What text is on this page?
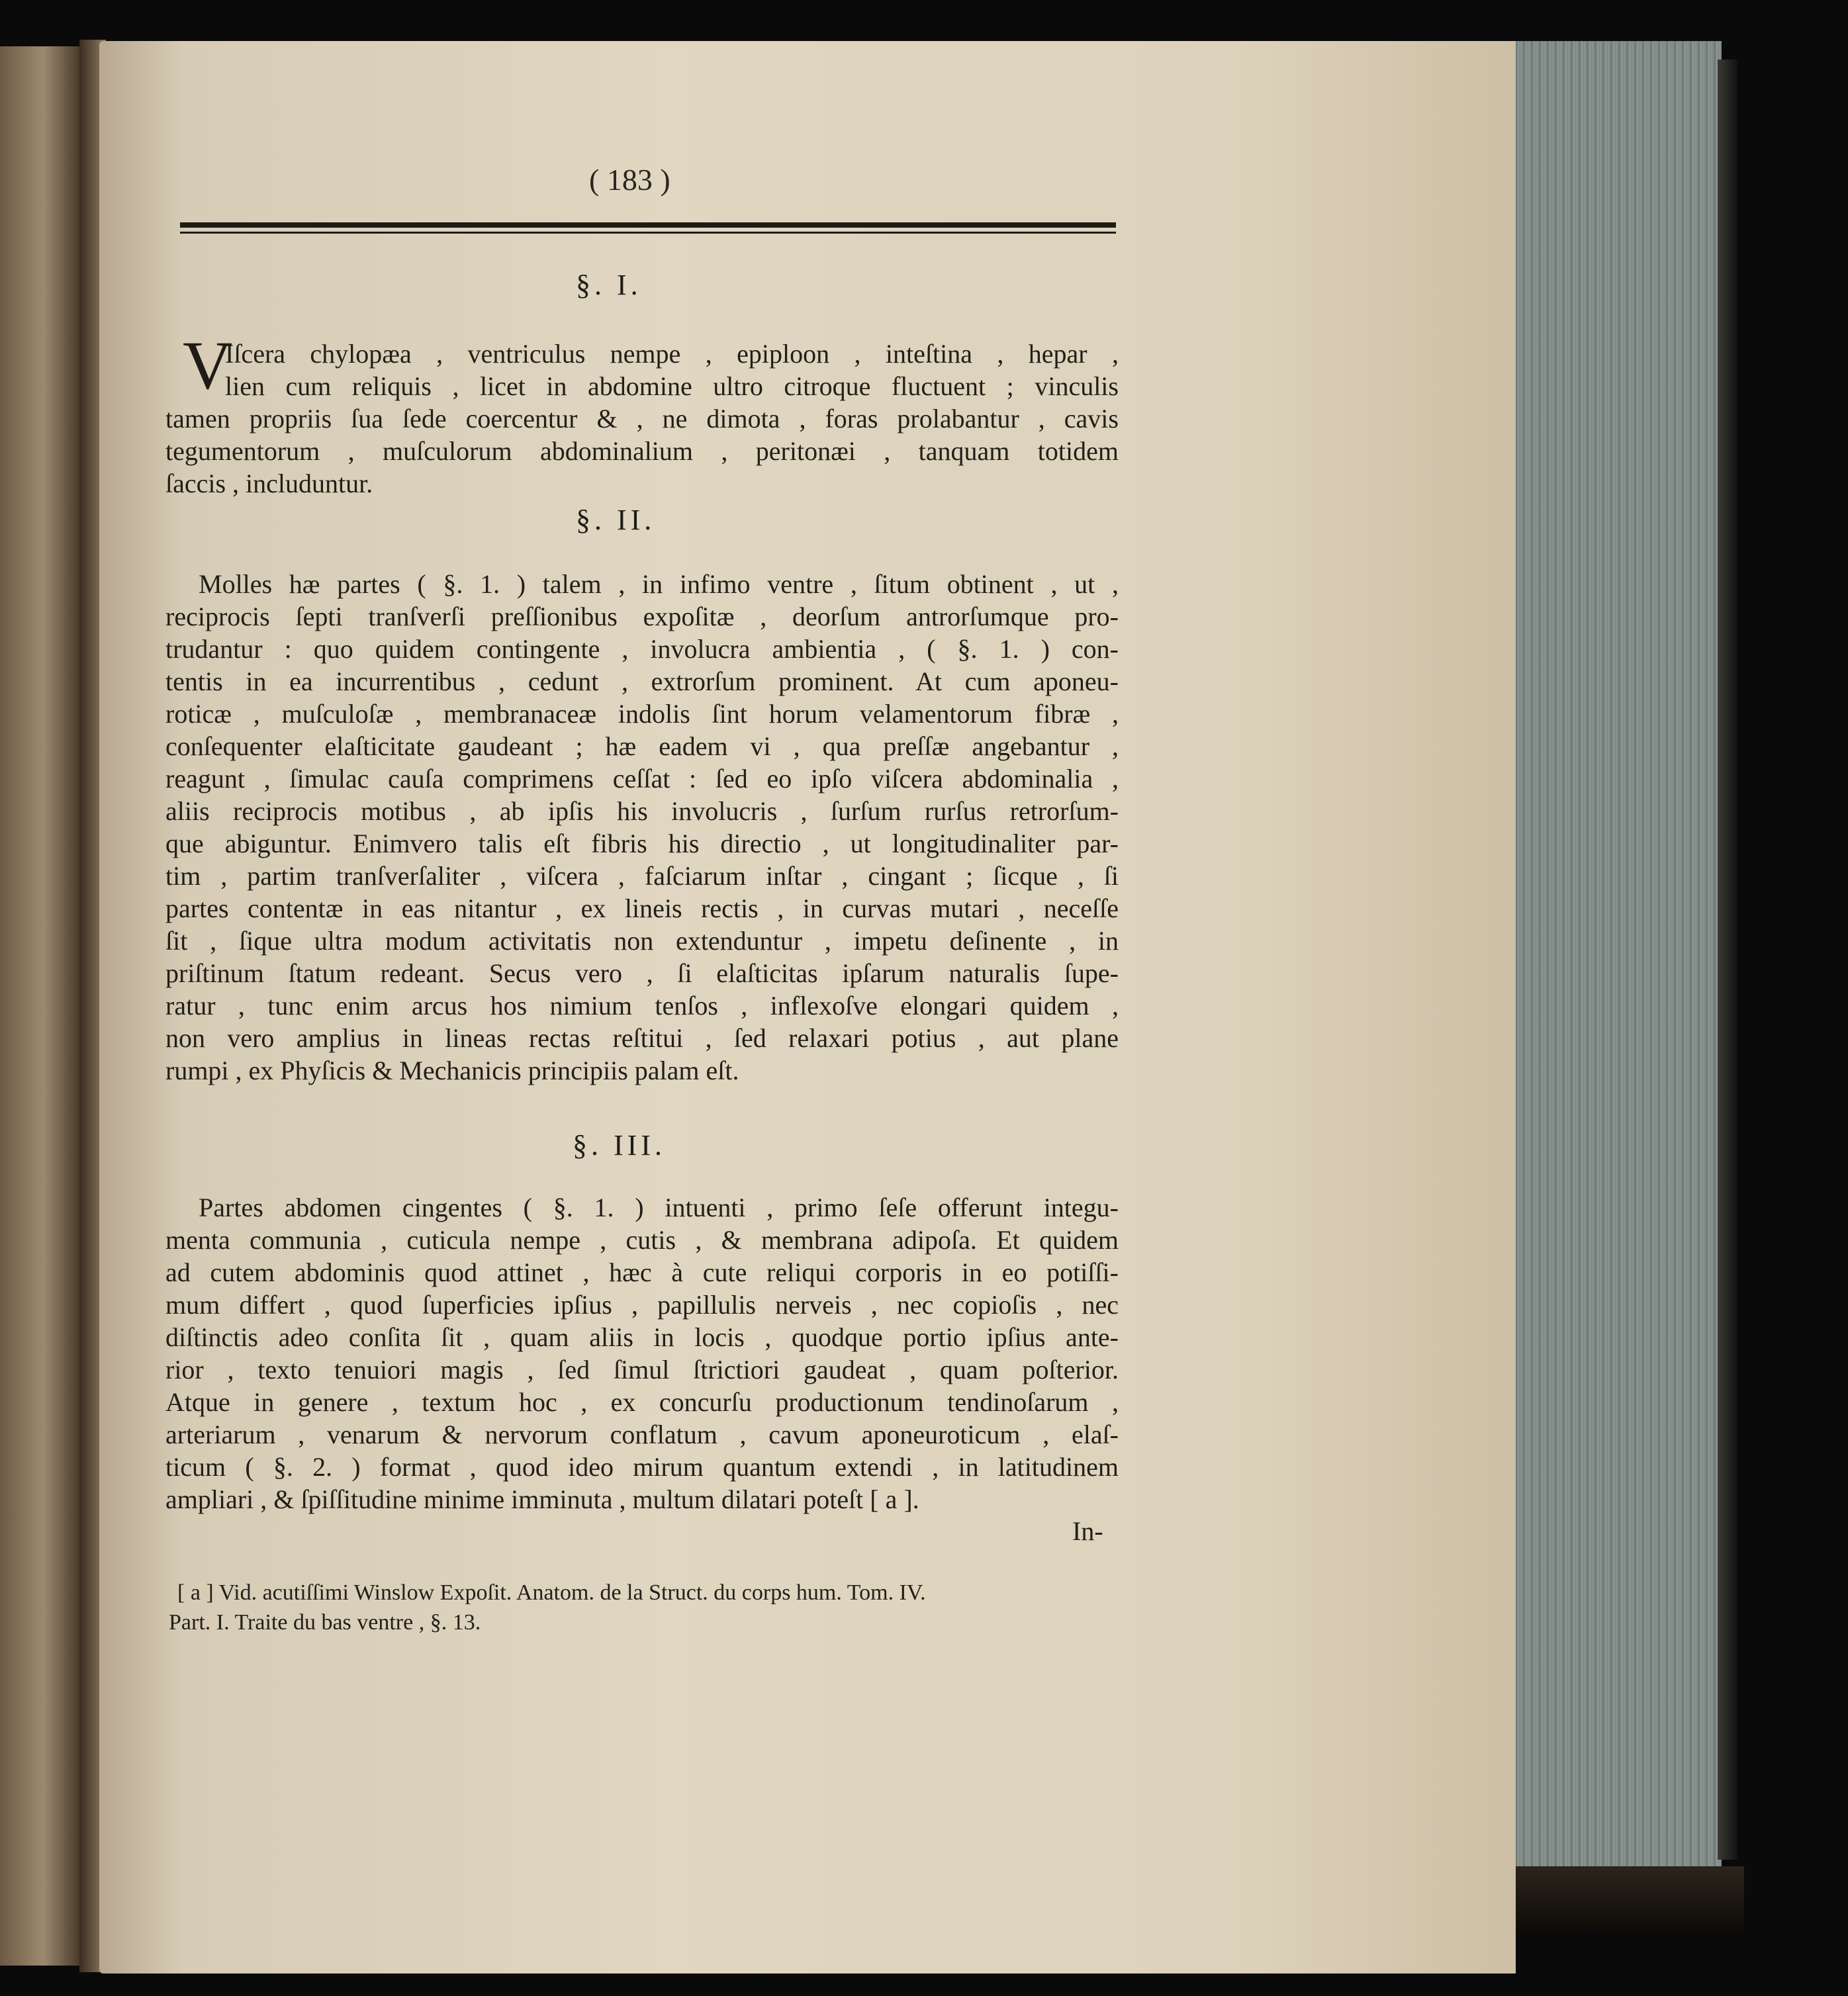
( 183 )
§. I.
V
Iſcera chylopæa , ventriculus nempe , epiploon , inteſtina , hepar ,
lien cum reliquis , licet in abdomine ultro citroque fluctuent ; vinculis
tamen propriis ſua ſede coercentur & , ne dimota , foras prolabantur , cavis
tegumentorum , muſculorum abdominalium , peritonæi , tanquam totidem
ſaccis , includuntur.
§. II.
Molles hæ partes ( §. 1. ) talem , in infimo ventre , ſitum obtinent , ut ,
reciprocis ſepti tranſverſi preſſionibus expoſitæ , deorſum antrorſumque pro-
trudantur : quo quidem contingente , involucra ambientia , ( §. 1. ) con-
tentis in ea incurrentibus , cedunt , extrorſum prominent. At cum aponeu-
roticæ , muſculoſæ , membranaceæ indolis ſint horum velamentorum fibræ ,
conſequenter elaſticitate gaudeant ; hæ eadem vi , qua preſſæ angebantur ,
reagunt , ſimulac cauſa comprimens ceſſat : ſed eo ipſo viſcera abdominalia ,
aliis reciprocis motibus , ab ipſis his involucris , ſurſum rurſus retrorſum-
que abiguntur. Enimvero talis eſt fibris his directio , ut longitudinaliter par-
tim , partim tranſverſaliter , viſcera , faſciarum inſtar , cingant ; ſicque , ſi
partes contentæ in eas nitantur , ex lineis rectis , in curvas mutari , neceſſe
ſit , ſique ultra modum activitatis non extenduntur , impetu deſinente , in
priſtinum ſtatum redeant. Secus vero , ſi elaſticitas ipſarum naturalis ſupe-
ratur , tunc enim arcus hos nimium tenſos , inflexoſve elongari quidem ,
non vero amplius in lineas rectas reſtitui , ſed relaxari potius , aut plane
rumpi , ex Phyſicis & Mechanicis principiis palam eſt.
§. III.
Partes abdomen cingentes ( §. 1. ) intuenti , primo ſeſe offerunt integu-
menta communia , cuticula nempe , cutis , & membrana adipoſa. Et quidem
ad cutem abdominis quod attinet , hæc à cute reliqui corporis in eo potiſſi-
mum differt , quod ſuperficies ipſius , papillulis nerveis , nec copioſis , nec
diſtinctis adeo conſita ſit , quam aliis in locis , quodque portio ipſius ante-
rior , texto tenuiori magis , ſed ſimul ſtrictiori gaudeat , quam poſterior.
Atque in genere , textum hoc , ex concurſu productionum tendinoſarum ,
arteriarum , venarum & nervorum conflatum , cavum aponeuroticum , elaſ-
ticum ( §. 2. ) format , quod ideo mirum quantum extendi , in latitudinem
ampliari , & ſpiſſitudine minime imminuta , multum dilatari poteſt [ a ].
In-
[ a ] Vid. acutiſſimi Winslow Expoſit. Anatom. de la Struct. du corps hum. Tom. IV.
Part. I. Traite du bas ventre , §. 13.
